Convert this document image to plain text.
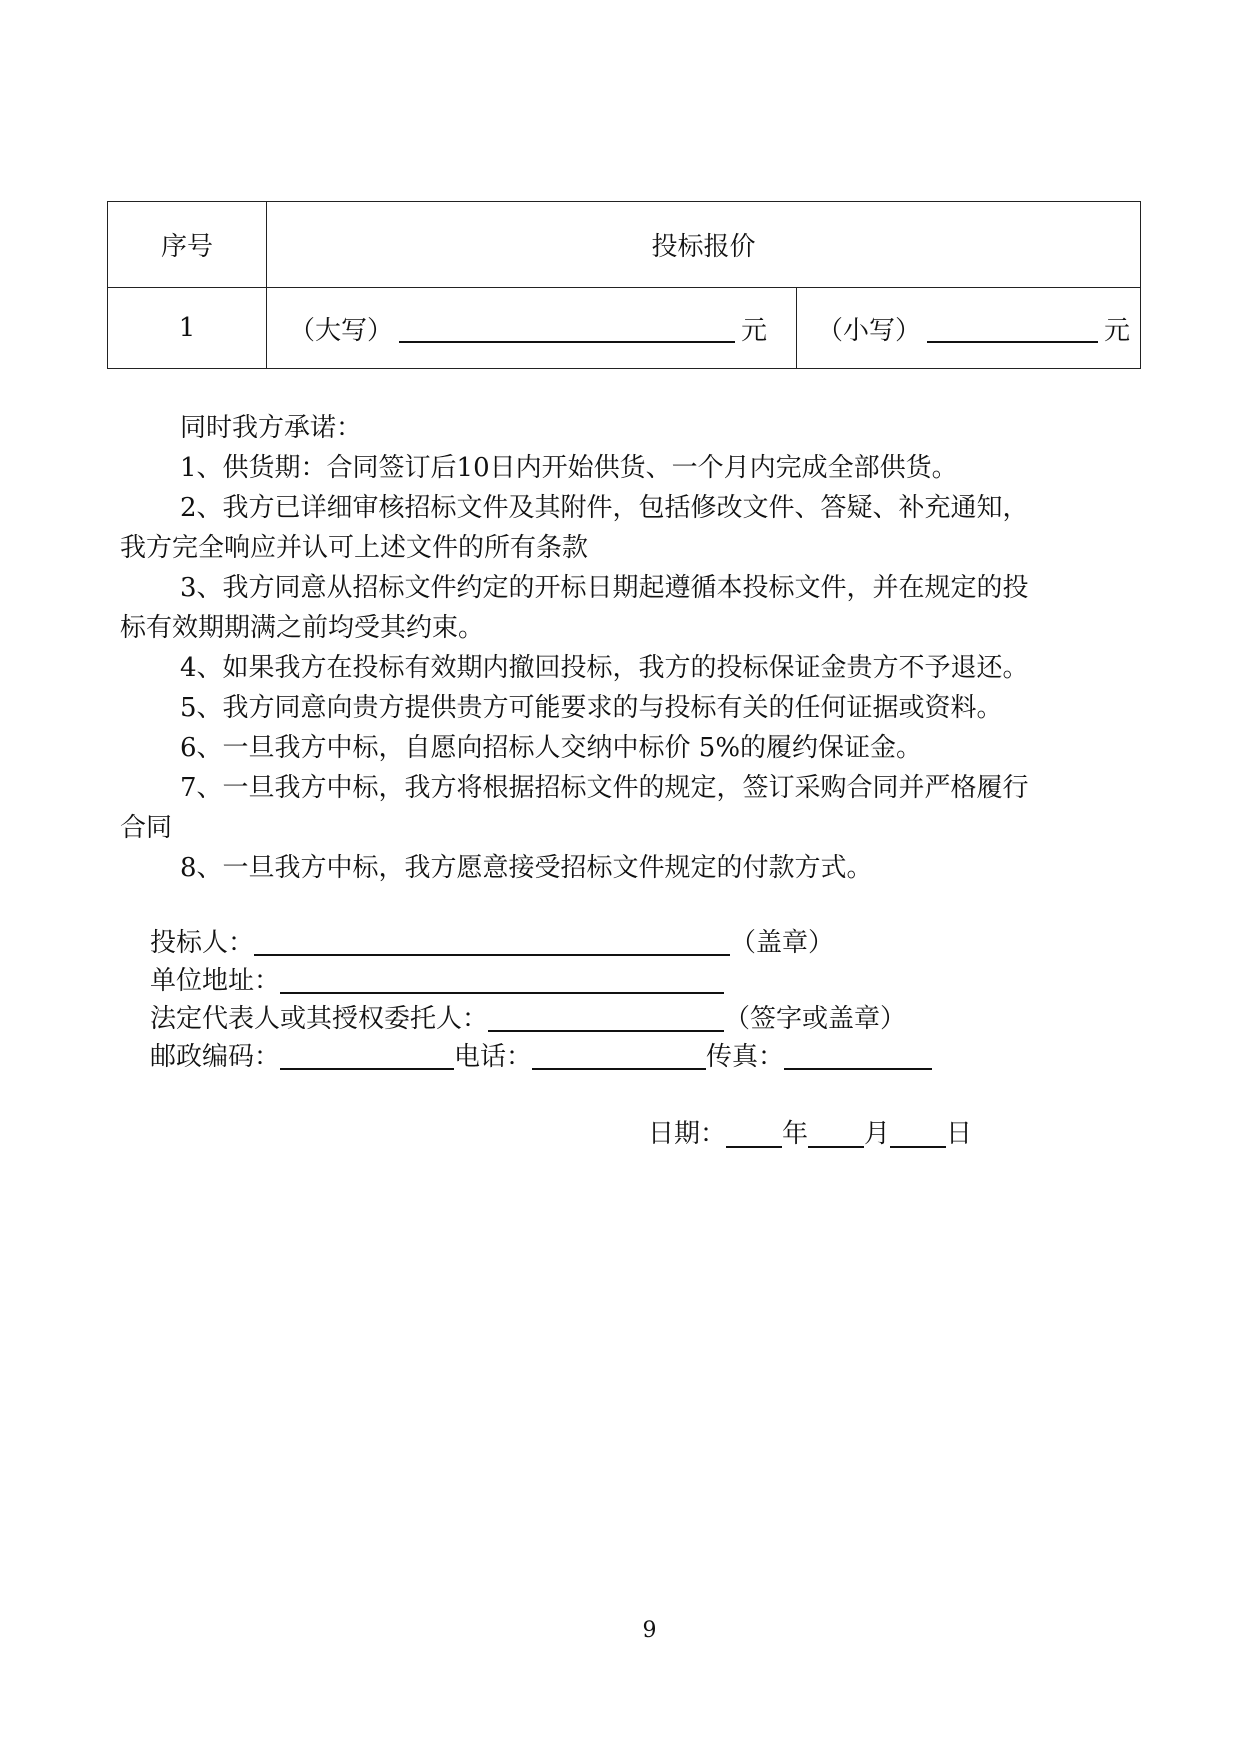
序号	投标报价	
1	（大写） 元	（小写） 元

同时我方承诺：

1、供货期：合同签订后10日内开始供货、一个月内完成全部供货。

2、我方已详细审核招标文件及其附件，包括修改文件、答疑、补充通知，

我方完全响应并认可上述文件的所有条款

3、我方同意从招标文件约定的开标日期起遵循本投标文件，并在规定的投

标有效期期满之前均受其约束。

4、如果我方在投标有效期内撤回投标，我方的投标保证金贵方不予退还。

5、我方同意向贵方提供贵方可能要求的与投标有关的任何证据或资料。

6、一旦我方中标，自愿向招标人交纳中标价 5%的履约保证金。

7、一旦我方中标，我方将根据招标文件的规定，签订采购合同并严格履行

合同

8、一旦我方中标，我方愿意接受招标文件规定的付款方式。

投标人：	（盖章）
单位地址：
法定代表人或其授权委托人：	（签字或盖章）
邮政编码：	电话：	传真：
日期： 年 月 日
9
